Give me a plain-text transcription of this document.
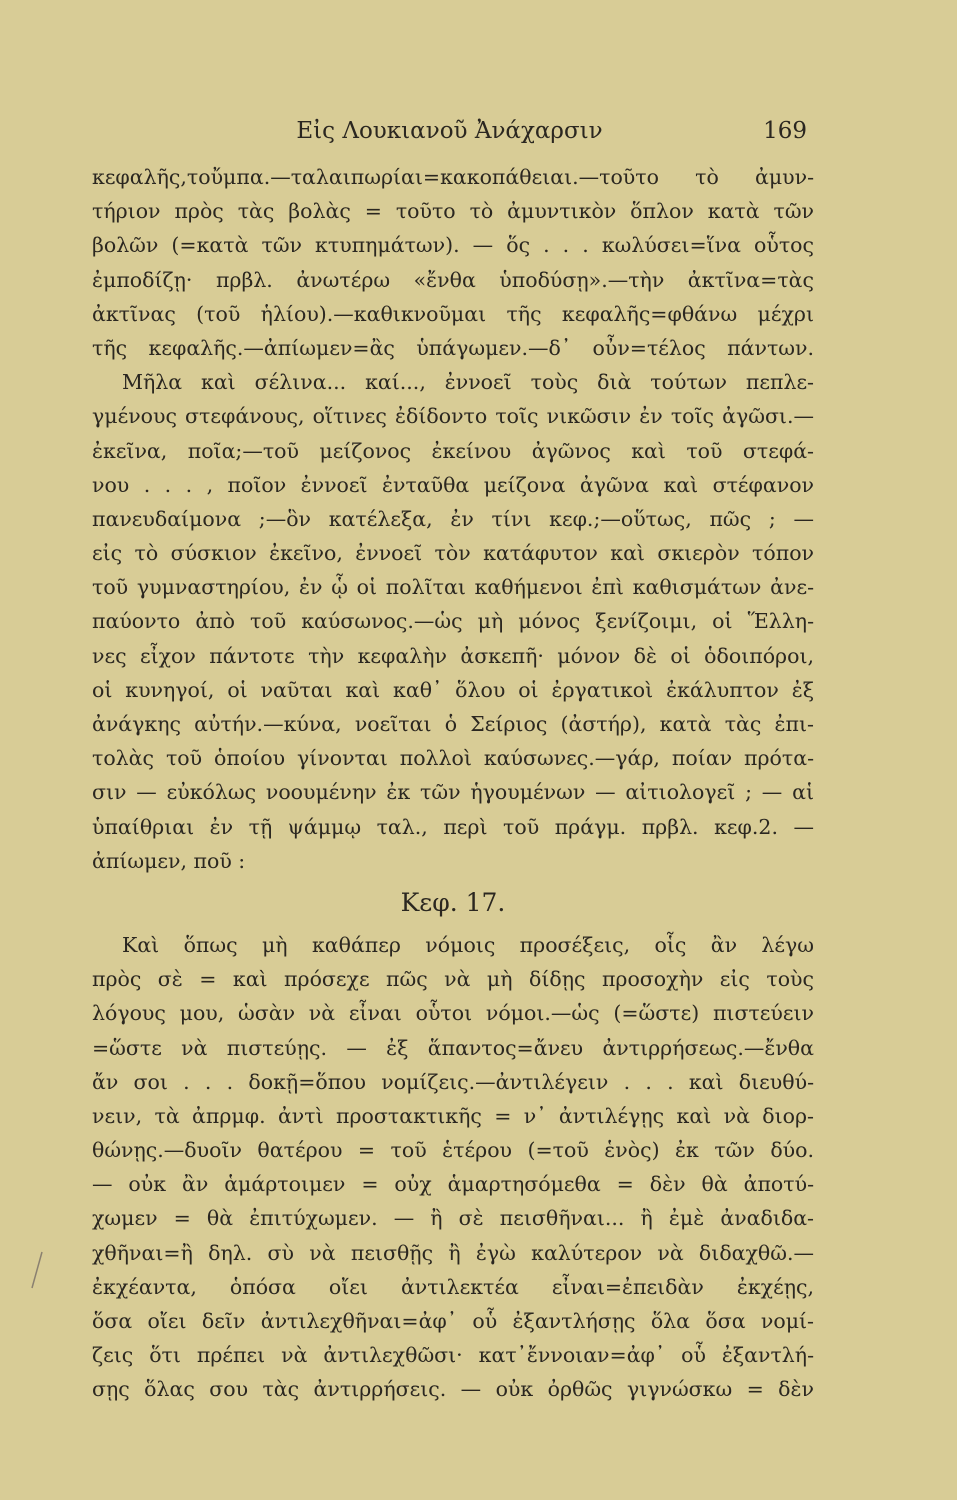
Εἰς Λουκιανοῦ Ἀνάχαρσιν	169
κεφαλῆς,τοὔμπα.—ταλαιπωρίαι=κακοπάθειαι.—τοῦτο τὸ ἀμυν-
τήριον πρὸς τὰς βολὰς = τοῦτο τὸ ἀμυντικὸν ὅπλον κατὰ τῶν
βολῶν (=κατὰ τῶν κτυπημάτων). — ὅς . . . κωλύσει=ἵνα οὗτος
ἐμποδίζῃ· πρβλ. ἀνωτέρω «ἔνθα ὑποδύσῃ».—τὴν ἀκτῖνα=τὰς
ἀκτῖνας (τοῦ ἡλίου).—καθικνοῦμαι τῆς κεφαλῆς=φθάνω μέχρι
τῆς κεφαλῆς.—ἀπίωμεν=ἂς ὑπάγωμεν.—δ᾽ οὖν=τέλος πάντων.
Μῆλα καὶ σέλινα... καί..., ἐννοεῖ τοὺς διὰ τούτων πεπλε-
γμένους στεφάνους, οἵτινες ἐδίδοντο τοῖς νικῶσιν ἐν τοῖς ἀγῶσι.—
ἐκεῖνα, ποῖα;—τοῦ μείζονος ἐκείνου ἀγῶνος καὶ τοῦ στεφά-
νου . . . , ποῖον ἐννοεῖ ἐνταῦθα μείζονα ἀγῶνα καὶ στέφανον
πανευδαίμονα ;—ὃν κατέλεξα, ἐν τίνι κεφ.;—οὕτως, πῶς ; —
εἰς τὸ σύσκιον ἐκεῖνο, ἐννοεῖ τὸν κατάφυτον καὶ σκιερὸν τόπον
τοῦ γυμναστηρίου, ἐν ᾧ οἱ πολῖται καθήμενοι ἐπὶ καθισμάτων ἀνε-
παύοντο ἀπὸ τοῦ καύσωνος.—ὡς μὴ μόνος ξενίζοιμι, οἱ Ἕλλη-
νες εἶχον πάντοτε τὴν κεφαλὴν ἀσκεπῆ· μόνον δὲ οἱ ὁδοιπόροι,
οἱ κυνηγοί, οἱ ναῦται καὶ καθ᾽ ὅλου οἱ ἐργατικοὶ ἐκάλυπτον ἐξ
ἀνάγκης αὐτήν.—κύνα, νοεῖται ὁ Σείριος (ἀστήρ), κατὰ τὰς ἐπι-
τολὰς τοῦ ὁποίου γίνονται πολλοὶ καύσωνες.—γάρ, ποίαν πρότα-
σιν — εὐκόλως νοουμένην ἐκ τῶν ἡγουμένων — αἰτιολογεῖ ; — αἱ
ὑπαίθριαι ἐν τῇ ψάμμῳ ταλ., περὶ τοῦ πράγμ. πρβλ. κεφ.2. —
ἀπίωμεν, ποῦ :
Κεφ. 17.
Καὶ ὅπως μὴ καθάπερ νόμοις προσέξεις, οἷς ἂν λέγω
πρὸς σὲ = καὶ πρόσεχε πῶς νὰ μὴ δίδῃς προσοχὴν εἰς τοὺς
λόγους μου, ὡσὰν νὰ εἶναι οὗτοι νόμοι.—ὡς (=ὥστε) πιστεύειν
=ὥστε νὰ πιστεύῃς. — ἐξ ἅπαντος=ἄνευ ἀντιρρήσεως.—ἔνθα
ἄν σοι . . . δοκῇ=ὅπου νομίζεις.—ἀντιλέγειν . . . καὶ διευθύ-
νειν, τὰ ἀπρμφ. ἀντὶ προστακτικῆς = ν᾽ ἀντιλέγῃς καὶ νὰ διορ-
θώνῃς.—δυοῖν θατέρου = τοῦ ἑτέρου (=τοῦ ἑνὸς) ἐκ τῶν δύο.
— οὐκ ἂν ἁμάρτοιμεν = οὐχ ἁμαρτησόμεθα = δὲν θὰ ἀποτύ-
χωμεν = θὰ ἐπιτύχωμεν. — ἢ σὲ πεισθῆναι... ἢ ἐμὲ ἀναδιδα-
χθῆναι=ἢ δηλ. σὺ νὰ πεισθῇς ἢ ἐγὼ καλύτερον νὰ διδαχθῶ.—
ἐκχέαντα, ὁπόσα οἴει ἀντιλεκτέα εἶναι=ἐπειδὰν ἐκχέῃς,
ὅσα οἴει δεῖν ἀντιλεχθῆναι=ἀφ᾽ οὗ ἐξαντλήσῃς ὅλα ὅσα νομί-
ζεις ὅτι πρέπει νὰ ἀντιλεχθῶσι· κατ᾽ἔννοιαν=ἀφ᾽ οὗ ἐξαντλή-
σῃς ὅλας σου τὰς ἀντιρρήσεις. — οὐκ ὀρθῶς γιγνώσκω = δὲν
